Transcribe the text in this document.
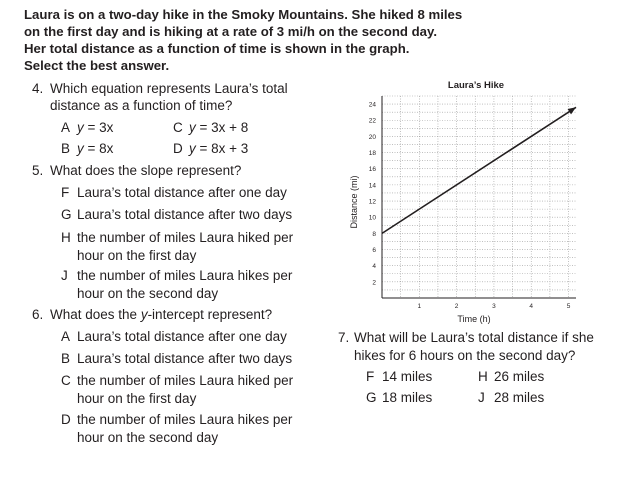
Laura is on a two-day hike in the Smoky Mountains. She hiked 8 miles
on the first day and is hiking at a rate of 3 mi/h on the second day.
Her total distance as a function of time is shown in the graph.
Select the best answer.
4. Which equation represents Laura’s total
distance as a function of time?
A y = 3x	C y = 3x + 8
B y = 8x	D y = 8x + 3
5. What does the slope represent?
F Laura’s total distance after one day
G Laura’s total distance after two days
H the number of miles Laura hiked per
hour on the first day
J the number of miles Laura hikes per
hour on the second day
6. What does the y-intercept represent?
A Laura’s total distance after one day
B Laura’s total distance after two days
C the number of miles Laura hiked per
hour on the first day
D the number of miles Laura hikes per
hour on the second day
7. What will be Laura’s total distance if she
hikes for 6 hours on the second day?
F 14 miles	H 26 miles
G 18 miles	J 28 miles
Laura’s Hike
Distance (mi)
Time (h)
2
4
6
8
10
12
14
16
18
20
22
24
1	2	3	4	5
